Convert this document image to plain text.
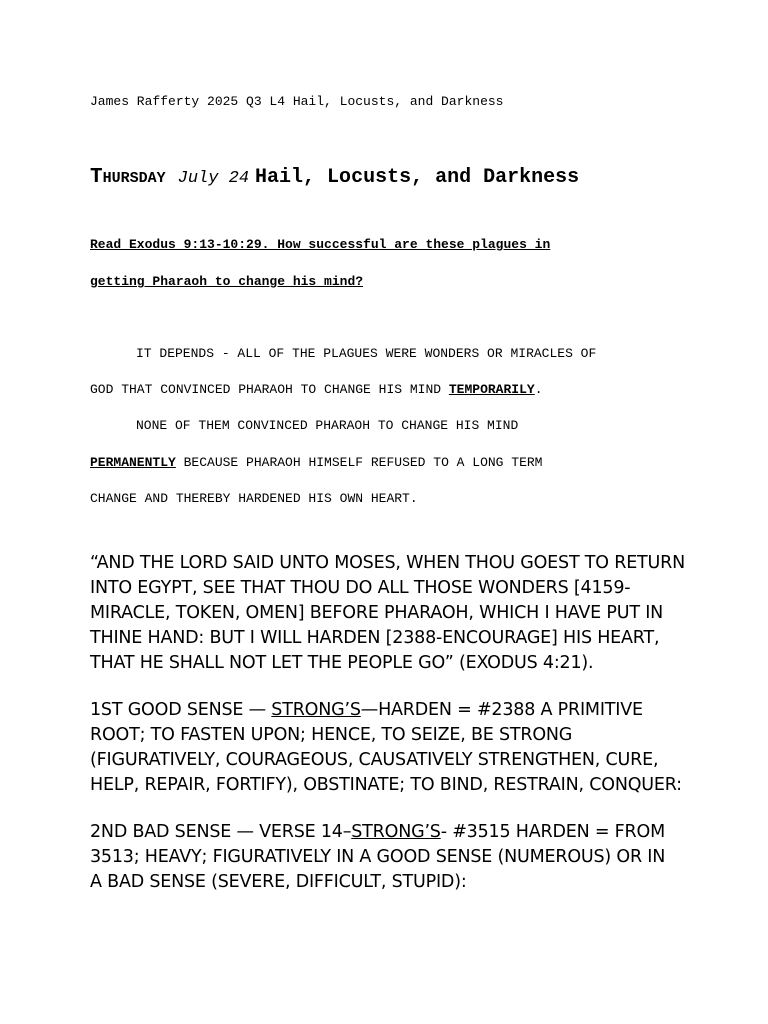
James Rafferty 2025 Q3 L4 Hail, Locusts, and Darkness
Thursday July 24 Hail, Locusts, and Darkness
Read Exodus 9:13-10:29. How successful are these plagues in
getting Pharaoh to change his mind?
IT DEPENDS - ALL OF THE PLAGUES WERE WONDERS OR MIRACLES OF
GOD THAT CONVINCED PHARAOH TO CHANGE HIS MIND TEMPORARILY.
NONE OF THEM CONVINCED PHARAOH TO CHANGE HIS MIND
PERMANENTLY BECAUSE PHARAOH HIMSELF REFUSED TO A LONG TERM
CHANGE AND THEREBY HARDENED HIS OWN HEART.
“AND THE LORD SAID UNTO MOSES, WHEN THOU GOEST TO RETURN
INTO EGYPT, SEE THAT THOU DO ALL THOSE WONDERS [4159-
MIRACLE, TOKEN, OMEN] BEFORE PHARAOH, WHICH I HAVE PUT IN
THINE HAND: BUT I WILL HARDEN [2388-ENCOURAGE] HIS HEART,
THAT HE SHALL NOT LET THE PEOPLE GO” (EXODUS 4:21).
1ST GOOD SENSE — STRONG’S—HARDEN = #2388 A PRIMITIVE
ROOT; TO FASTEN UPON; HENCE, TO SEIZE, BE STRONG
(FIGURATIVELY, COURAGEOUS, CAUSATIVELY STRENGTHEN, CURE,
HELP, REPAIR, FORTIFY), OBSTINATE; TO BIND, RESTRAIN, CONQUER:
2ND BAD SENSE — VERSE 14–STRONG’S- #3515 HARDEN = FROM
3513; HEAVY; FIGURATIVELY IN A GOOD SENSE (NUMEROUS) OR IN
A BAD SENSE (SEVERE, DIFFICULT, STUPID):
